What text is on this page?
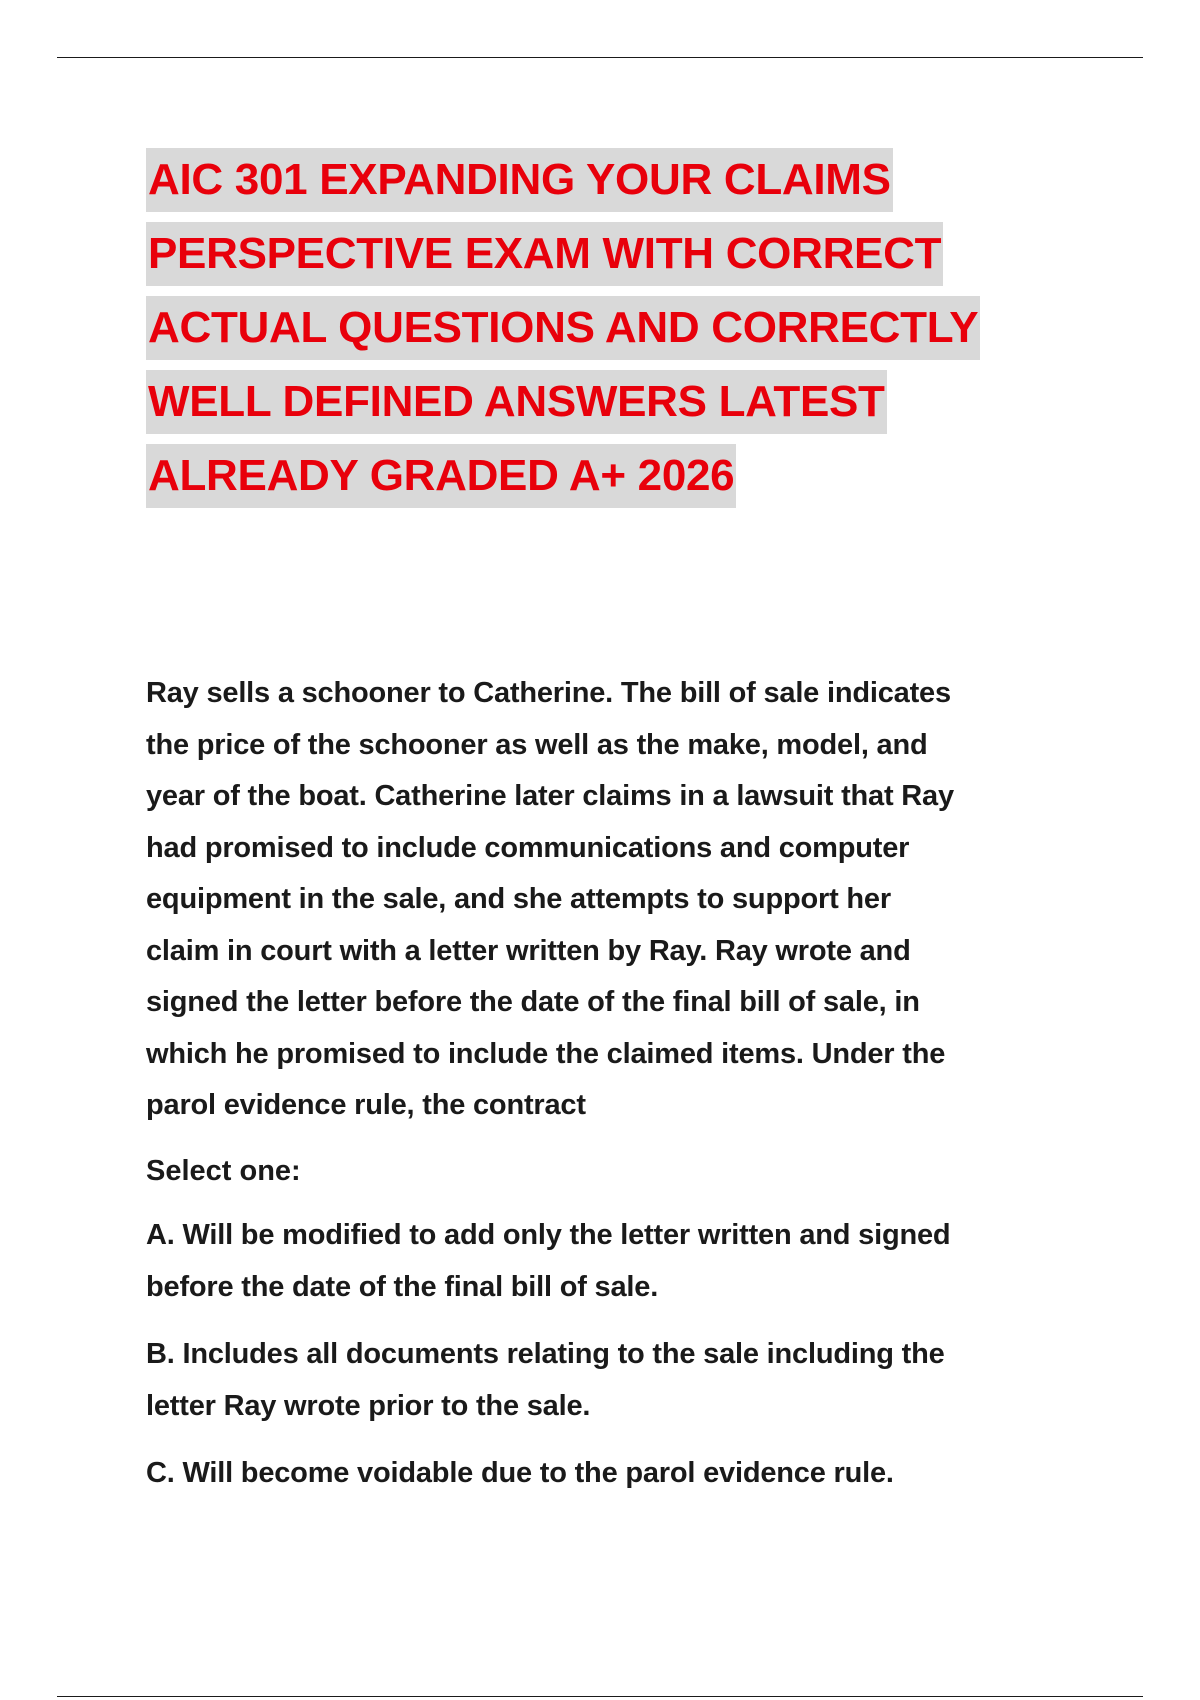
AIC 301 EXPANDING YOUR CLAIMS
PERSPECTIVE EXAM WITH CORRECT
ACTUAL QUESTIONS AND CORRECTLY
WELL DEFINED ANSWERS LATEST
ALREADY GRADED A+ 2026
Ray sells a schooner to Catherine. The bill of sale indicates
the price of the schooner as well as the make, model, and
year of the boat. Catherine later claims in a lawsuit that Ray
had promised to include communications and computer
equipment in the sale, and she attempts to support her
claim in court with a letter written by Ray. Ray wrote and
signed the letter before the date of the final bill of sale, in
which he promised to include the claimed items. Under the
parol evidence rule, the contract
Select one:
A. Will be modified to add only the letter written and signed
before the date of the final bill of sale.
B. Includes all documents relating to the sale including the
letter Ray wrote prior to the sale.
C. Will become voidable due to the parol evidence rule.
